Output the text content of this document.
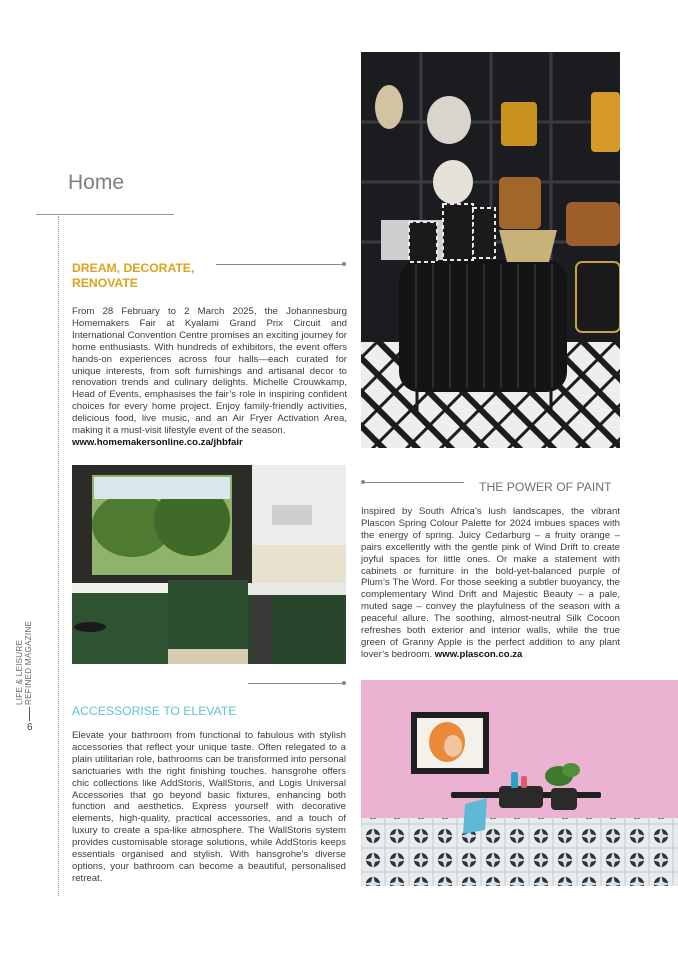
Home
LIFE & LEISURE REFINED MAGAZINE
6
DREAM, DECORATE,
RENOVATE

From 28 February to 2 March 2025, the Johannesburg Homemakers Fair at Kyalami Grand Prix Circuit and International Convention Centre promises an exciting journey for home enthusiasts. With hundreds of exhibitors, the event offers hands-on experiences across four halls—each curated for unique interests, from soft furnishings and artisanal decor to renovation trends and culinary delights. Michelle Crouwkamp, Head of Events, emphasises the fair’s role in inspiring confident choices for every home project. Enjoy family-friendly activities, delicious food, live music, and an Air Fryer Activation Area, making it a must-visit lifestyle event of the season.

www.homemakersonline.co.za/jhbfair
THE POWER OF PAINT

Inspired by South Africa’s lush landscapes, the vibrant Plascon Spring Colour Palette for 2024 imbues spaces with the energy of spring. Juicy Cedarburg – a fruity orange – pairs excellently with the gentle pink of Wind Drift to create joyful spaces for little ones. Or make a statement with cabinets or furniture in the bold-yet-balanced purple of Plum’s The Word. For those seeking a subtler buoyancy, the complementary Wind Drift and Majestic Beauty – a pale, muted sage – convey the playfulness of the season with a peaceful allure. The soothing, almost-neutral Silk Cocoon refreshes both exterior and interior walls, while the true green of Granny Apple is the perfect addition to any plant lover’s bedroom. www.plascon.co.za

ACCESSORISE TO ELEVATE

Elevate your bathroom from functional to fabulous with stylish accessories that reflect your unique taste. Often relegated to a plain utilitarian role, bathrooms can be transformed into personal sanctuaries with the right finishing touches. hansgrohe offers chic collections like AddStoris, WallStoris, and Logis Universal Accessories that go beyond basic fixtures, enhancing both function and aesthetics. Express yourself with decorative elements, high-quality, practical accessories, and a touch of luxury to create a spa-like atmosphere. The WallStoris system provides customisable storage solutions, while AddStoris keeps essentials organised and stylish. With hansgrohe’s diverse options, your bathroom can become a beautiful, personalised retreat.
